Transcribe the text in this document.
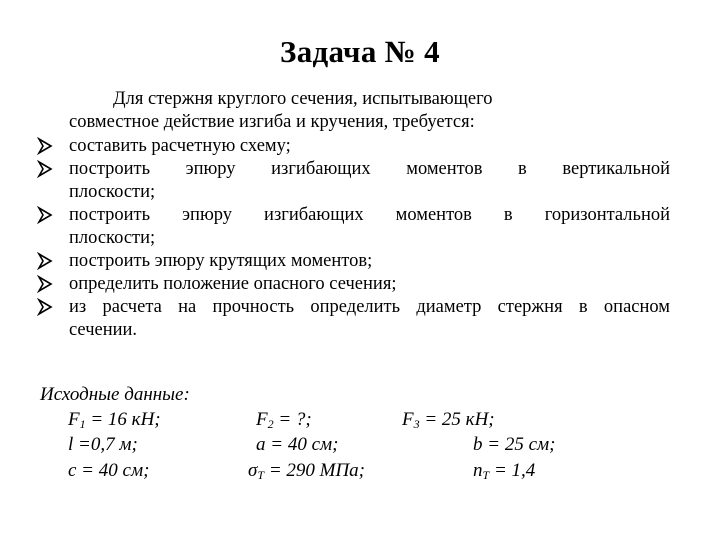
Задача № 4
Для стержня круглого сечения, испытывающего
совместное действие изгиба и кручения, требуется:
составить расчетную схему;
построить эпюру изгибающих моментов в вертикальной
плоскости;
построить эпюру изгибающих моментов в горизонтальной
плоскости;
построить эпюру крутящих моментов;
определить положение опасного сечения;
из расчета на прочность определить диаметр стержня в опасном
сечении.
Исходные данные:
$F_1 = 16$ кН;	$F_2$ = ?;	$F_3 = 25$ кН;
l =0,7 м;	a = 40 см;	b = 25 см;
c = 40 см;	$\sigma_T = 290$ МПа;	$n_T = 1,4$
